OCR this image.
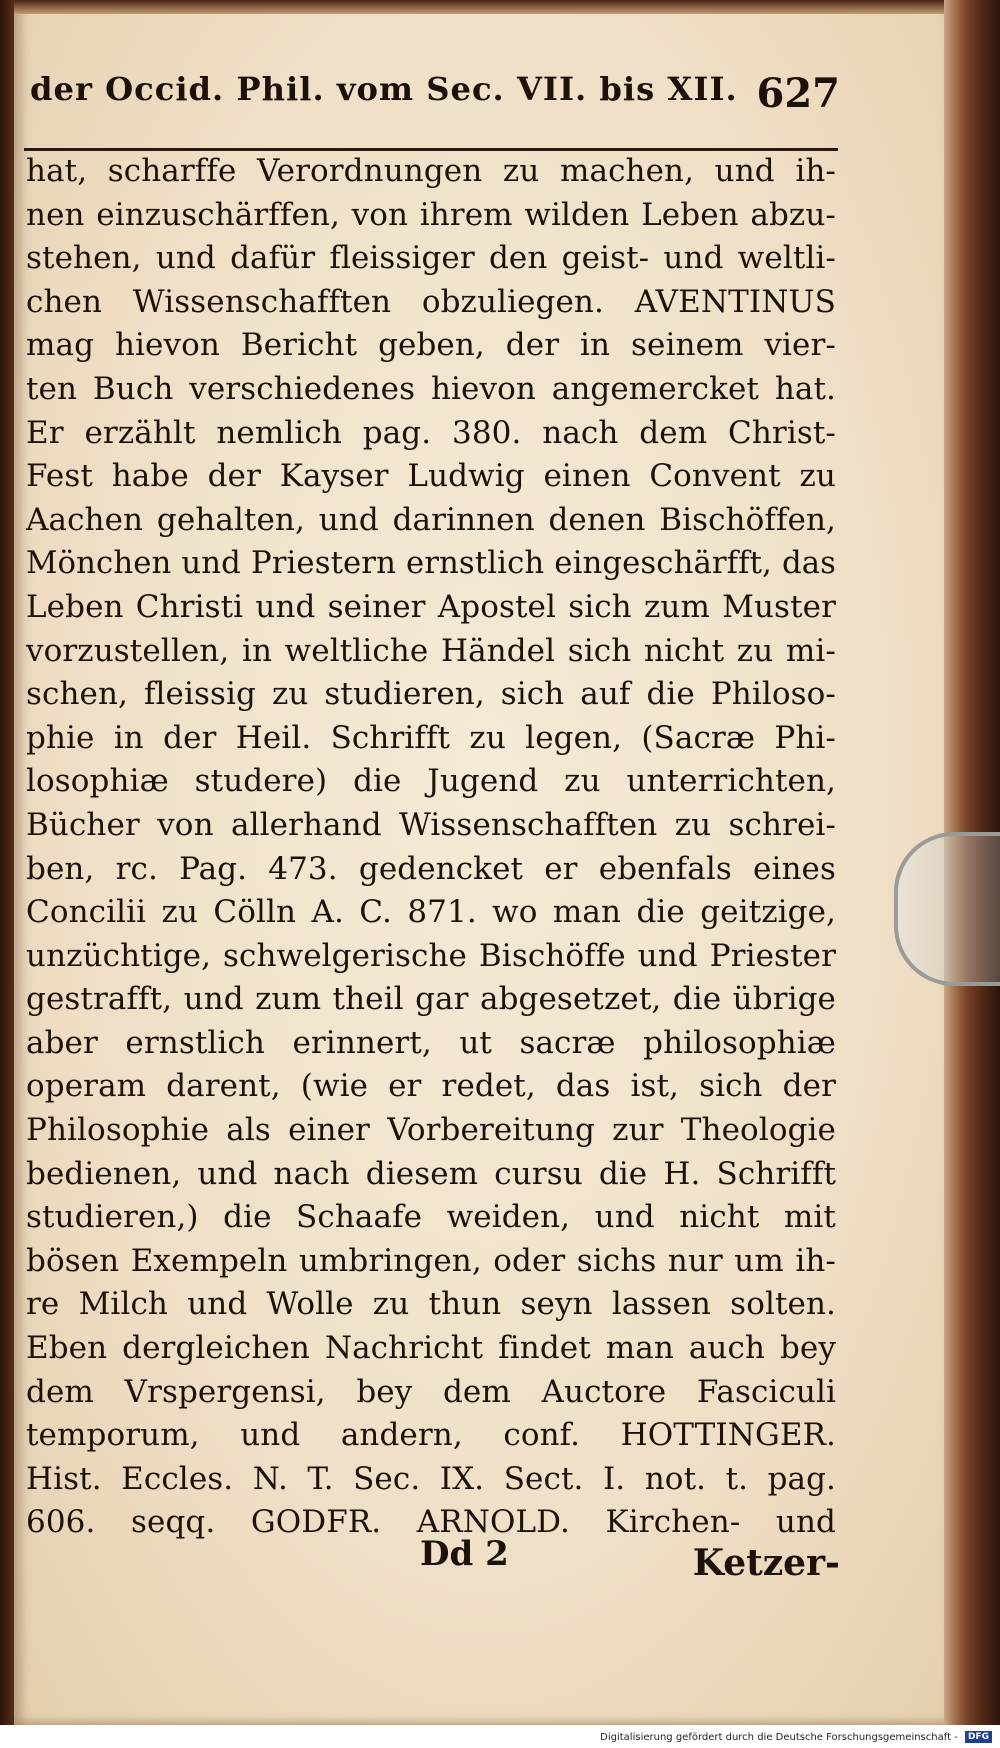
der Occid. Phil. vom Sec. VII. bis XII. 627
hat, scharffe Verordnungen zu machen, und ih-
nen einzuschärffen, von ihrem wilden Leben abzu-
stehen, und dafür fleissiger den geist- und weltli-
chen Wissenschafften obzuliegen. AVENTINUS
mag hievon Bericht geben, der in seinem vier-
ten Buch verschiedenes hievon angemercket hat.
Er erzählt nemlich pag. 380. nach dem Christ-
Fest habe der Kayser Ludwig einen Convent zu
Aachen gehalten, und darinnen denen Bischöffen,
Mönchen und Priestern ernstlich eingeschärfft, das
Leben Christi und seiner Apostel sich zum Muster
vorzustellen, in weltliche Händel sich nicht zu mi-
schen, fleissig zu studieren, sich auf die Philoso-
phie in der Heil. Schrifft zu legen, (Sacræ Phi-
losophiæ studere) die Jugend zu unterrichten,
Bücher von allerhand Wissenschafften zu schrei-
ben, rc. Pag. 473. gedencket er ebenfals eines
Concilii zu Cölln A. C. 871. wo man die geitzige,
unzüchtige, schwelgerische Bischöffe und Priester
gestrafft, und zum theil gar abgesetzet, die übrige
aber ernstlich erinnert, ut sacræ philosophiæ
operam darent, (wie er redet, das ist, sich der
Philosophie als einer Vorbereitung zur Theologie
bedienen, und nach diesem cursu die H. Schrifft
studieren,) die Schaafe weiden, und nicht mit
bösen Exempeln umbringen, oder sichs nur um ih-
re Milch und Wolle zu thun seyn lassen solten.
Eben dergleichen Nachricht findet man auch bey
dem Vrspergensi, bey dem Auctore Fasciculi
temporum, und andern, conf. HOTTINGER.
Hist. Eccles. N. T. Sec. IX. Sect. I. not. t. pag.
606. seqq. GODFR. ARNOLD. Kirchen- und
Dd 2	Ketzer-
Digitalisierung gefördert durch die Deutsche Forschungsgemeinschaft - DFG
